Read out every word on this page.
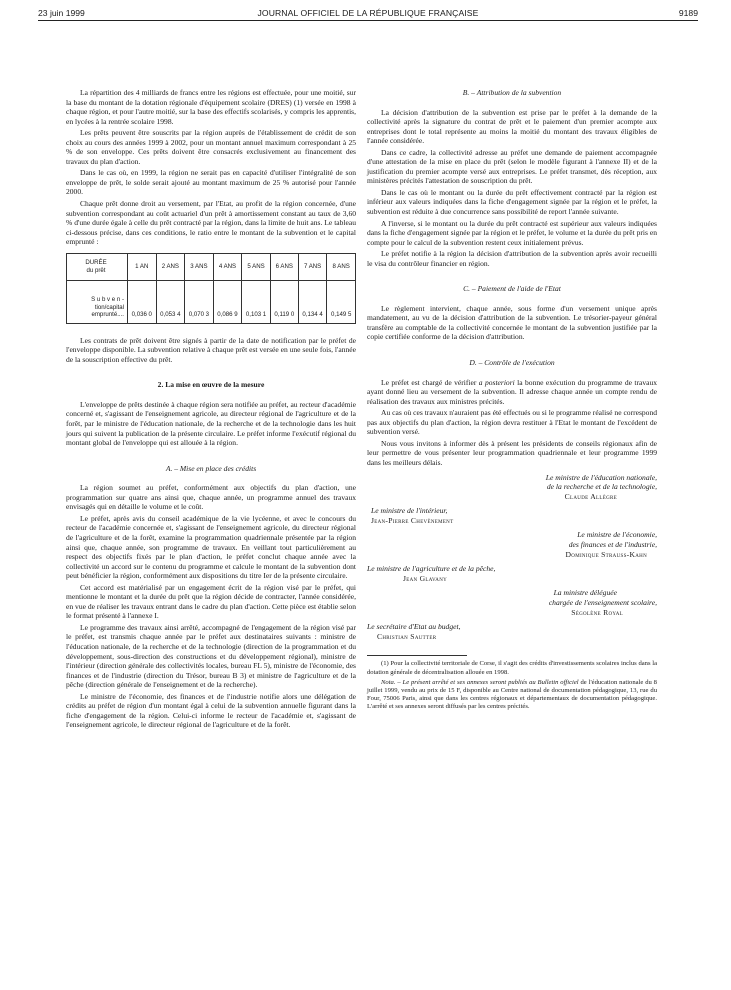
23 juin 1999	JOURNAL OFFICIEL DE LA RÉPUBLIQUE FRANÇAISE	9189

La répartition des 4 milliards de francs entre les régions est effectuée, pour une moitié, sur la base du montant de la dotation régionale d'équipement scolaire (DRES) (1) versée en 1998 à chaque région, et pour l'autre moitié, sur la base des effectifs scolarisés, y compris les apprentis, en lycées à la rentrée scolaire 1998.

Les prêts peuvent être souscrits par la région auprès de l'établissement de crédit de son choix au cours des années 1999 à 2002, pour un montant annuel maximum correspondant à 25 % de son enveloppe. Ces prêts doivent être consacrés exclusivement au financement des travaux du plan d'action.

Dans le cas où, en 1999, la région ne serait pas en capacité d'utiliser l'intégralité de son enveloppe de prêt, le solde serait ajouté au montant maximum de 25 % autorisé pour l'année 2000.

Chaque prêt donne droit au versement, par l'Etat, au profit de la région concernée, d'une subvention correspondant au coût actuariel d'un prêt à amortissement constant au taux de 3,60 % d'une durée égale à celle du prêt contracté par la région, dans la limite de huit ans. Le tableau ci-dessous précise, dans ces conditions, le ratio entre le montant de la subvention et le capital emprunté :

DURÉE
du prêt	1 AN	2 ANS	3 ANS	4 ANS	5 ANS	6 ANS	7 ANS	8 ANS
S u b v e n -
tion/capital
emprunté....	0,036 0	0,053 4	0,070 3	0,086 9	0,103 1	0,119 0	0,134 4	0,149 5

Les contrats de prêt doivent être signés à partir de la date de notification par le préfet de l'enveloppe disponible. La subvention relative à chaque prêt est versée en une seule fois, l'année de la souscription effective du prêt.

2. La mise en œuvre de la mesure

L'enveloppe de prêts destinée à chaque région sera notifiée au préfet, au recteur d'académie concerné et, s'agissant de l'enseignement agricole, au directeur régional de l'agriculture et de la forêt, par le ministre de l'éducation nationale, de la recherche et de la technologie dans les huit jours qui suivent la publication de la présente circulaire. Le préfet informe l'exécutif régional du montant global de l'enveloppe qui est allouée à la région.

A. – Mise en place des crédits

La région soumet au préfet, conformément aux objectifs du plan d'action, une programmation sur quatre ans ainsi que, chaque année, un programme annuel des travaux envisagés qui en détaille le volume et le coût.

Le préfet, après avis du conseil académique de la vie lycéenne, et avec le concours du recteur de l'académie concernée et, s'agissant de l'enseignement agricole, du directeur régional de l'agriculture et de la forêt, examine la programmation quadriennale présentée par la région ainsi que, chaque année, son programme de travaux. En veillant tout particulièrement au respect des objectifs fixés par le plan d'action, le préfet conclut chaque année avec la collectivité un accord sur le contenu du programme et calcule le montant de la subvention dont peut bénéficier la région, conformément aux dispositions du titre Ier de la présente circulaire.

Cet accord est matérialisé par un engagement écrit de la région visé par le préfet, qui mentionne le montant et la durée du prêt que la région décide de contracter, l'année considérée, en vue de réaliser les travaux entrant dans le cadre du plan d'action. Cette pièce est établie selon le format présenté à l'annexe I.

Le programme des travaux ainsi arrêté, accompagné de l'engagement de la région visé par le préfet, est transmis chaque année par le préfet aux destinataires suivants : ministre de l'éducation nationale, de la recherche et de la technologie (direction de la programmation et du développement, sous-direction des constructions et du développement régional), ministre de l'intérieur (direction générale des collectivités locales, bureau FL 5), ministre de l'économie, des finances et de l'industrie (direction du Trésor, bureau B 3) et ministre de l'agriculture et de la pêche (direction générale de l'enseignement et de la recherche).

Le ministre de l'économie, des finances et de l'industrie notifie alors une délégation de crédits au préfet de région d'un montant égal à celui de la subvention annuelle figurant dans la fiche d'engagement de la région. Celui-ci informe le recteur de l'académie et, s'agissant de l'enseignement agricole, le directeur régional de l'agriculture et de la forêt.

B. – Attribution de la subvention

La décision d'attribution de la subvention est prise par le préfet à la demande de la collectivité après la signature du contrat de prêt et le paiement d'un premier acompte aux entreprises dont le total représente au moins la moitié du montant des travaux éligibles de l'année considérée.

Dans ce cadre, la collectivité adresse au préfet une demande de paiement accompagnée d'une attestation de la mise en place du prêt (selon le modèle figurant à l'annexe II) et de la justification du premier acompte versé aux entreprises. Le préfet transmet, dès réception, aux ministères précités l'attestation de souscription du prêt.

Dans le cas où le montant ou la durée du prêt effectivement contracté par la région est inférieur aux valeurs indiquées dans la fiche d'engagement signée par la région et le préfet, la subvention est réduite à due concurrence sans possibilité de report l'année suivante.

A l'inverse, si le montant ou la durée du prêt contracté est supérieur aux valeurs indiquées dans la fiche d'engagement signée par la région et le préfet, le volume et la durée du prêt pris en compte pour le calcul de la subvention restent ceux initialement prévus.

Le préfet notifie à la région la décision d'attribution de la subvention après avoir recueilli le visa du contrôleur financier en région.

C. – Paiement de l'aide de l'Etat

Le règlement intervient, chaque année, sous forme d'un versement unique après mandatement, au vu de la décision d'attribution de la subvention. Le trésorier-payeur général transfère au comptable de la collectivité concernée le montant de la subvention justifiée par la copie certifiée conforme de la décision d'attribution.

D. – Contrôle de l'exécution

Le préfet est chargé de vérifier a posteriori la bonne exécution du programme de travaux ayant donné lieu au versement de la subvention. Il adresse chaque année un compte rendu de réalisation des travaux aux ministres précités.

Au cas où ces travaux n'auraient pas été effectués ou si le programme réalisé ne correspond pas aux objectifs du plan d'action, la région devra restituer à l'Etat le montant de l'excédent de subvention versé.

Nous vous invitons à informer dès à présent les présidents de conseils régionaux afin de leur permettre de vous présenter leur programmation quadriennale et leur programme 1999 dans les meilleurs délais.

Le ministre de l'éducation nationale,
de la recherche et de la technologie,
Claude Allègre
Le ministre de l'intérieur,
Jean-Pierre Chevènement
Le ministre de l'économie,
des finances et de l'industrie,
Dominique Strauss-Kahn
Le ministre de l'agriculture et de la pêche,
Jean Glavany
La ministre déléguée
chargée de l'enseignement scolaire,
Ségolène Royal
Le secrétaire d'Etat au budget,
Christian Sautter

(1) Pour la collectivité territoriale de Corse, il s'agit des crédits d'investissements scolaires inclus dans la dotation générale de décentralisation allouée en 1998.

Nota. – Le présent arrêté et ses annexes seront publiés au Bulletin officiel de l'éducation nationale du 8 juillet 1999, vendu au prix de 15 F, disponible au Centre national de documentation pédagogique, 13, rue du Four, 75006 Paris, ainsi que dans les centres régionaux et départementaux de documentation pédagogique. L'arrêté et ses annexes seront diffusés par les centres précités.
